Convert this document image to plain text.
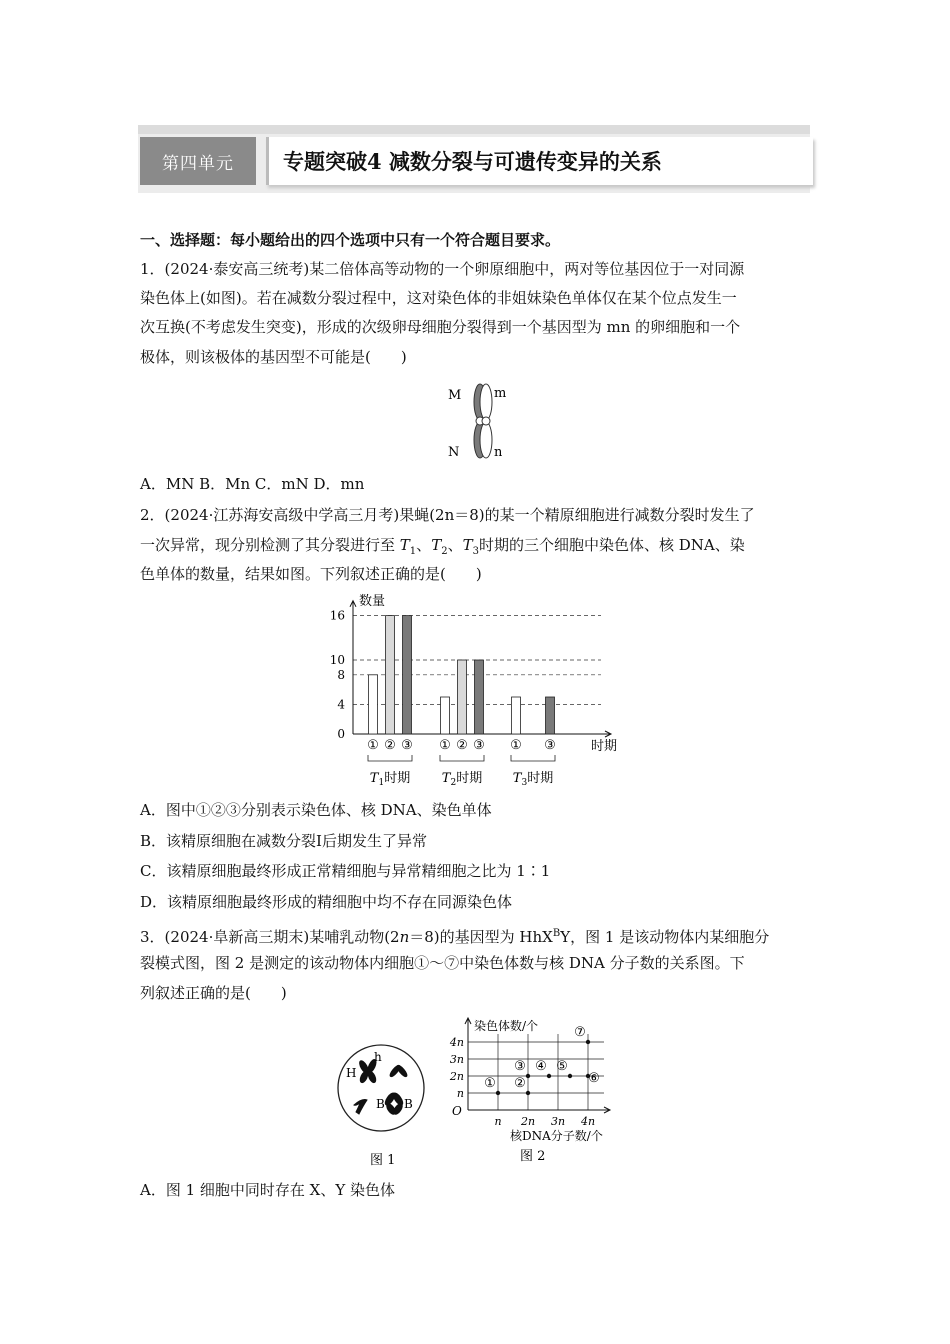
第四单元	专题突破4 减数分裂与可遗传变异的关系
一、选择题：每小题给出的四个选项中只有一个符合题目要求。
1．(2024·泰安高三统考)某二倍体高等动物的一个卵原细胞中，两对等位基因位于一对同源
染色体上(如图)。若在减数分裂过程中，这对染色体的非姐妹染色单体仅在某个位点发生一
次互换(不考虑发生突变)，形成的次级卵母细胞分裂得到一个基因型为 mn 的卵细胞和一个
极体，则该极体的基因型不可能是(　　)
M	m
N	n
A．MN B．Mn C．mN D．mn
2．(2024·江苏海安高级中学高三月考)果蝇(2n＝8)的某一个精原细胞进行减数分裂时发生了
一次异常，现分别检测了其分裂进行至 $T_1$、$T_2$、$T_3$时期的三个细胞中染色体、核 DNA、染
色单体的数量，结果如图。下列叙述正确的是(　　)
0
4
8
10
16
数量
时期
① ② ③
$T_1$时期
① ② ③
$T_2$时期
① ③
$T_3$时期
A．图中①②③分别表示染色体、核 DNA、染色单体
B．该精原细胞在减数分裂Ⅰ后期发生了异常
C．该精原细胞最终形成正常精细胞与异常精细胞之比为 1∶1
D．该精原细胞最终形成的精细胞中均不存在同源染色体
3．(2024·阜新高三期末)某哺乳动物(2n＝8)的基因型为 HhX$^B$Y，图 1 是该动物体内某细胞分
裂模式图，图 2 是测定的该动物体内细胞①～⑦中染色体数与核 DNA 分子数的关系图。下
列叙述正确的是(　　)
H
h
B B
图 1
染色体数/个
O
n
2n
3n
4n
n 2n 3n 4n
核DNA分子数/个
① ②
③ ④ ⑤
⑥
⑦
图 2
A．图 1 细胞中同时存在 X、Y 染色体
